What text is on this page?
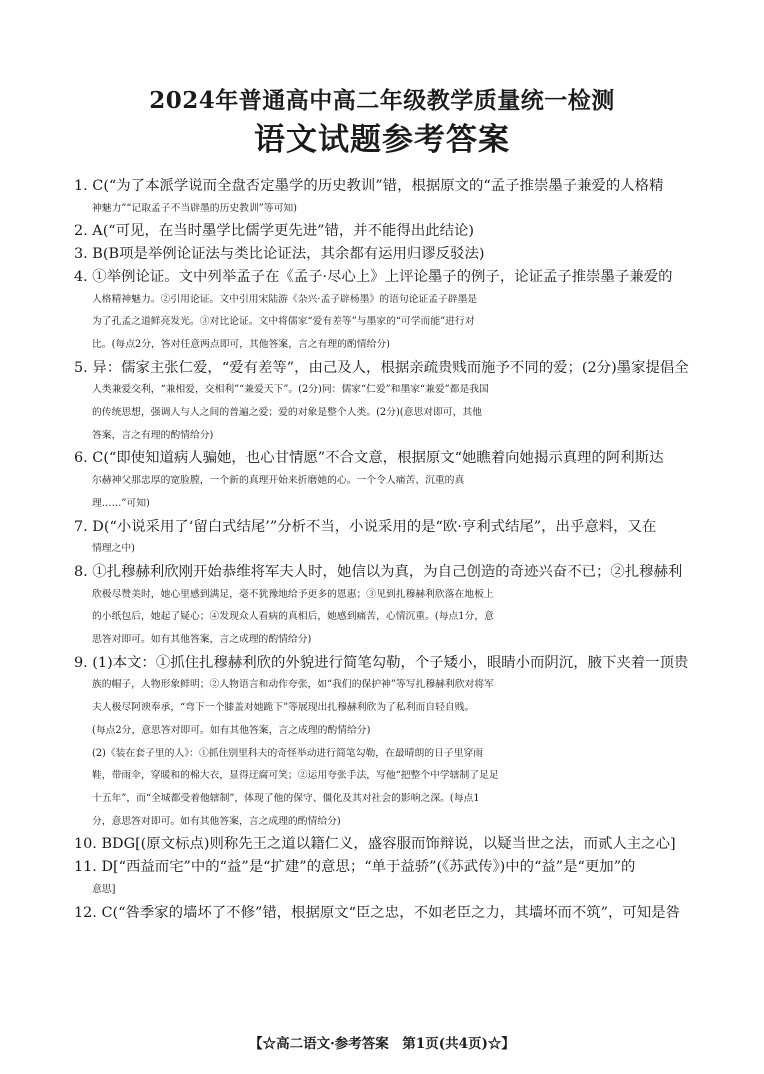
2024年普通高中高二年级教学质量统一检测
语文试题参考答案
1. C(“为了本派学说而全盘否定墨学的历史教训”错，根据原文的“孟子推崇墨子兼爱的人格精
神魅力”“记取孟子不当辟墨的历史教训”等可知)
2. A(“可见，在当时墨学比儒学更先进”错，并不能得出此结论)
3. B(B项是举例论证法与类比论证法，其余都有运用归谬反驳法)
4. ①举例论证。文中列举孟子在《孟子·尽心上》上评论墨子的例子，论证孟子推崇墨子兼爱的
人格精神魅力。②引用论证。文中引用宋陆游《杂兴·孟子辟杨墨》的语句论证孟子辟墨是
为了孔孟之道鲜亮发光。③对比论证。文中将儒家“爱有差等”与墨家的“可学而能”进行对
比。(每点2分，答对任意两点即可，其他答案，言之有理的酌情给分)
5. 异：儒家主张仁爱，“爱有差等”，由己及人，根据亲疏贵贱而施予不同的爱；(2分)墨家提倡全
人类兼爱交利，“兼相爱，交相利”“兼爱天下”。(2分)同：儒家“仁爱”和墨家“兼爱”都是我国
的传统思想，强调人与人之间的普遍之爱；爱的对象是整个人类。(2分)(意思对即可，其他
答案，言之有理的酌情给分)
6. C(“即使知道病人骗她，也心甘情愿”不合文意，根据原文“她瞧着向她揭示真理的阿利斯达
尔赫神父那忠厚的宽脸膛，一个新的真理开始来折磨她的心。一个令人痛苦、沉重的真
理……”可知)
7. D(“小说采用了‘留白式结尾’”分析不当，小说采用的是“欧·亨利式结尾”，出乎意料，又在
情理之中)
8. ①扎穆赫利欣刚开始恭维将军夫人时，她信以为真，为自己创造的奇迹兴奋不已；②扎穆赫利
欣极尽赞美时，她心里感到满足，毫不犹豫地给予更多的恩惠；③见到扎穆赫利欣落在地板上
的小纸包后，她起了疑心；④发现众人看病的真相后，她感到痛苦，心情沉重。(每点1分，意
思答对即可。如有其他答案，言之成理的酌情给分)
9. (1)本文：①抓住扎穆赫利欣的外貌进行简笔勾勒，个子矮小，眼睛小而阴沉，腋下夹着一顶贵
族的帽子，人物形象鲜明；②人物语言和动作夸张，如“我们的保护神”等写扎穆赫利欣对将军
夫人极尽阿谀奉承，“弯下一个膝盖对她跪下”等展现出扎穆赫利欣为了私利而自轻自贱。
(每点2分，意思答对即可。如有其他答案，言之成理的酌情给分)
(2)《装在套子里的人》：①抓住别里科夫的奇怪举动进行简笔勾勒，在最晴朗的日子里穿雨
鞋，带雨伞，穿暖和的棉大衣，显得迂腐可笑；②运用夸张手法，写他“把整个中学辖制了足足
十五年”，而“全城都受着他辖制”，体现了他的保守、僵化及其对社会的影响之深。(每点1
分，意思答对即可。如有其他答案，言之成理的酌情给分)
10. BDG[(原文标点)则称先王之道以籍仁义，盛容服而饰辩说，以疑当世之法，而贰人主之心]
11. D[“西益而宅”中的“益”是“扩建”的意思；“单于益骄”(《苏武传》)中的“益”是“更加”的
意思]
12. C(“咎季家的墙坏了不修”错，根据原文“臣之忠，不如老臣之力，其墙坏而不筑”，可知是咎
【☆高二语文·参考答案　第1页(共4页)☆】
